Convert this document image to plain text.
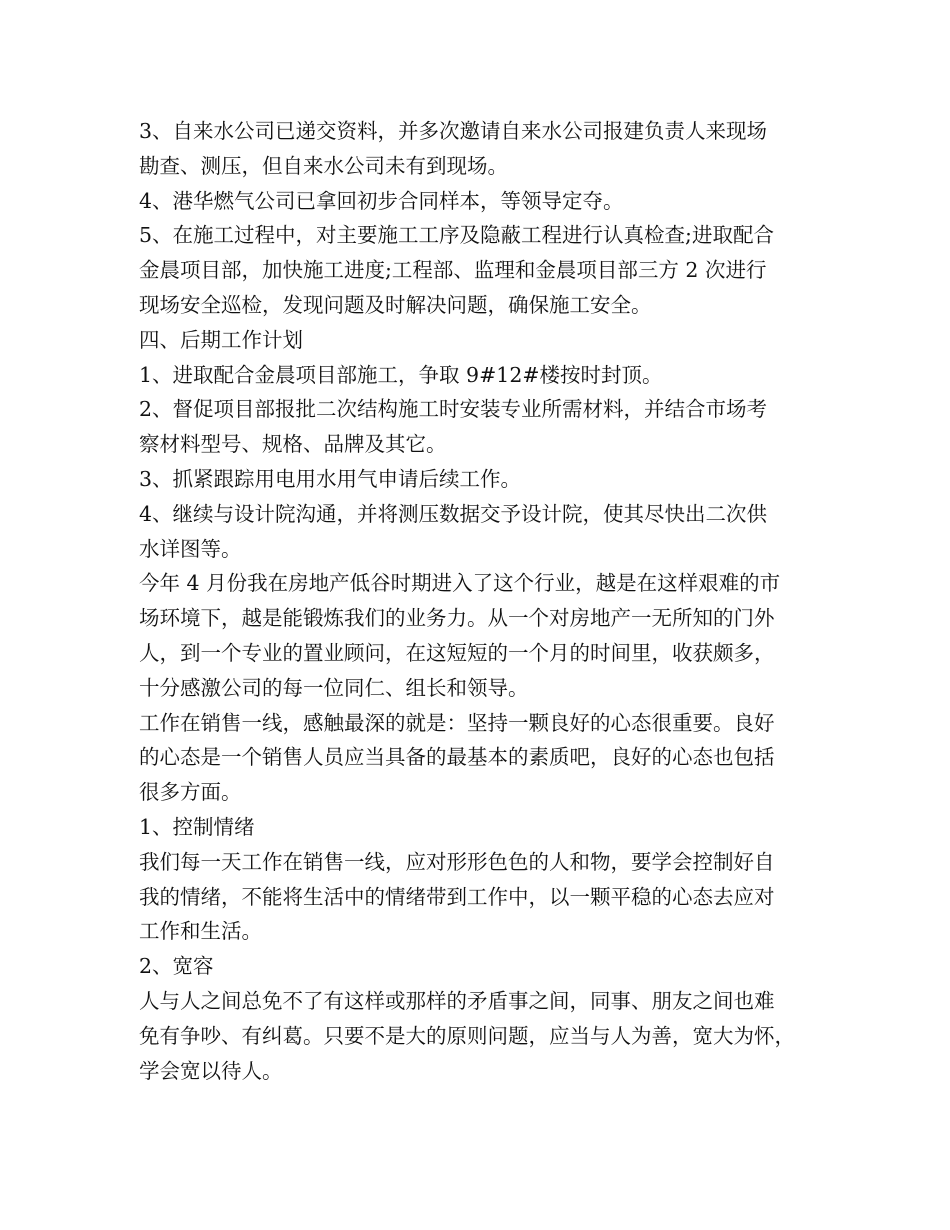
3、自来水公司已递交资料，并多次邀请自来水公司报建负责人来现场
勘查、测压，但自来水公司未有到现场。

4、港华燃气公司已拿回初步合同样本，等领导定夺。

5、在施工过程中，对主要施工工序及隐蔽工程进行认真检查;进取配合
金晨项目部，加快施工进度;工程部、监理和金晨项目部三方 2 次进行
现场安全巡检，发现问题及时解决问题，确保施工安全。

四、后期工作计划

1、进取配合金晨项目部施工，争取 9#12#楼按时封顶。

2、督促项目部报批二次结构施工时安装专业所需材料，并结合市场考
察材料型号、规格、品牌及其它。

3、抓紧跟踪用电用水用气申请后续工作。

4、继续与设计院沟通，并将测压数据交予设计院，使其尽快出二次供
水详图等。

今年 4 月份我在房地产低谷时期进入了这个行业，越是在这样艰难的市
场环境下，越是能锻炼我们的业务力。从一个对房地产一无所知的门外
人，到一个专业的置业顾问，在这短短的一个月的时间里，收获颇多，
十分感激公司的每一位同仁、组长和领导。

工作在销售一线，感触最深的就是：坚持一颗良好的心态很重要。良好
的心态是一个销售人员应当具备的最基本的素质吧，良好的心态也包括
很多方面。

1、控制情绪

我们每一天工作在销售一线，应对形形色色的人和物，要学会控制好自
我的情绪，不能将生活中的情绪带到工作中，以一颗平稳的心态去应对
工作和生活。

2、宽容

人与人之间总免不了有这样或那样的矛盾事之间，同事、朋友之间也难
免有争吵、有纠葛。只要不是大的原则问题，应当与人为善，宽大为怀，
学会宽以待人。
